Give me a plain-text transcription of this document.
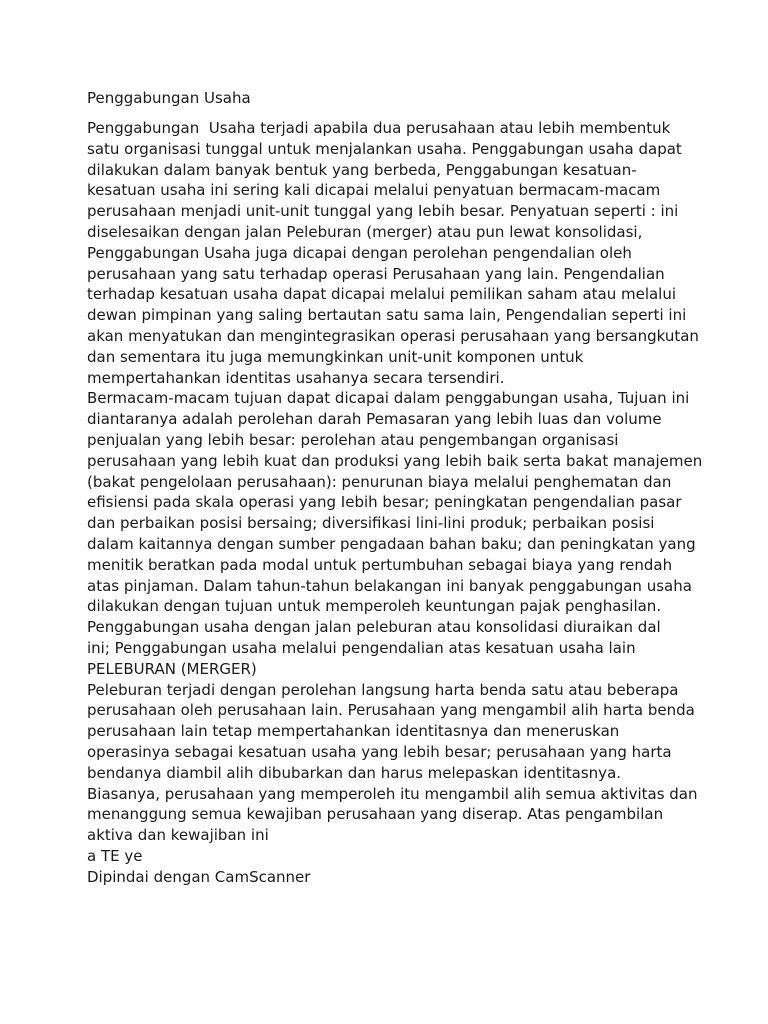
Penggabungan Usaha
Penggabungan  Usaha terjadi apabila dua perusahaan atau lebih membentuk
satu organisasi tunggal untuk menjalankan usaha. Penggabungan usaha dapat
dilakukan dalam banyak bentuk yang berbeda, Penggabungan kesatuan-
kesatuan usaha ini sering kali dicapai melalui penyatuan bermacam-macam
perusahaan menjadi unit-unit tunggal yang Iebih besar. Penyatuan seperti : ini
diselesaikan dengan jalan Peleburan (merger) atau pun lewat konsolidasi,
Penggabungan Usaha juga dicapai dengan perolehan pengendalian oleh
perusahaan yang satu terhadap operasi Perusahaan yang lain. Pengendalian
terhadap kesatuan usaha dapat dicapai melalui pemilikan saham atau melalui
dewan pimpinan yang saling bertautan satu sama lain, Pengendalian seperti ini
akan menyatukan dan mengintegrasikan operasi perusahaan yang bersangkutan
dan sementara itu juga memungkinkan unit-unit komponen untuk
mempertahankan identitas usahanya secara tersendiri.
Bermacam-macam tujuan dapat dicapai dalam penggabungan usaha, Tujuan ini
diantaranya adalah perolehan darah Pemasaran yang lebih luas dan volume
penjualan yang lebih besar: perolehan atau pengembangan organisasi
perusahaan yang lebih kuat dan produksi yang lebih baik serta bakat manajemen
(bakat pengelolaan perusahaan): penurunan biaya melalui penghematan dan
efisiensi pada skala operasi yang Iebih besar; peningkatan pengendalian pasar
dan perbaikan posisi bersaing; diversifikasi lini-lini produk; perbaikan posisi
dalam kaitannya dengan sumber pengadaan bahan baku; dan peningkatan yang
menitik beratkan pada modal untuk pertumbuhan sebagai biaya yang rendah
atas pinjaman. Dalam tahun-tahun belakangan ini banyak penggabungan usaha
dilakukan dengan tujuan untuk memperoleh keuntungan pajak penghasilan.
Penggabungan usaha dengan jalan peleburan atau konsolidasi diuraikan dal
ini; Penggabungan usaha melalui pengendalian atas kesatuan usaha lain
PELEBURAN (MERGER)
Peleburan terjadi dengan perolehan langsung harta benda satu atau beberapa
perusahaan oleh perusahaan lain. Perusahaan yang mengambil alih harta benda
perusahaan lain tetap mempertahankan identitasnya dan meneruskan
operasinya sebagai kesatuan usaha yang lebih besar; perusahaan yang harta
bendanya diambil alih dibubarkan dan harus melepaskan identitasnya.
Biasanya, perusahaan yang memperoleh itu mengambil alih semua aktivitas dan
menanggung semua kewajiban perusahaan yang diserap. Atas pengambilan
aktiva dan kewajiban ini
a TE ye
Dipindai dengan CamScanner
